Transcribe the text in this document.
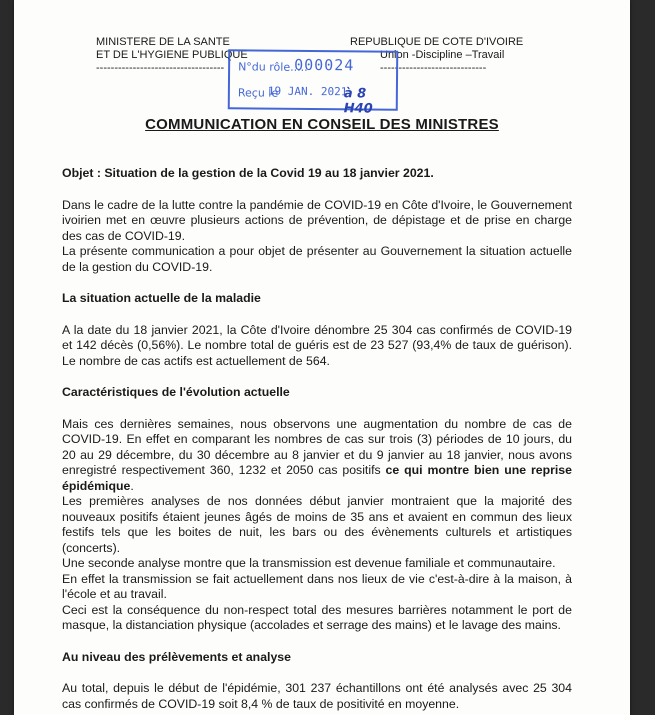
MINISTERE DE LA SANTE
ET DE L'HYGIENE PUBLIQUE
-----------------------------------
REPUBLIQUE DE COTE D'IVOIRE
Union -Discipline –Travail
-----------------------------
N°du rôle.....
000024
Reçu le
19 JAN. 2021
à 8 H40
COMMUNICATION EN CONSEIL DES MINISTRES

Objet : Situation de la gestion de la Covid 19 au 18 janvier 2021.

Dans le cadre de la lutte contre la pandémie de COVID-19 en Côte d'Ivoire, le Gouvernement ivoirien met en œuvre plusieurs actions de prévention, de dépistage et de prise en charge des cas de COVID-19.

La présente communication a pour objet de présenter au Gouvernement la situation actuelle de la gestion du COVID-19.

La situation actuelle de la maladie

A la date du 18 janvier 2021, la Côte d'Ivoire dénombre 25 304 cas confirmés de COVID-19 et 142 décès (0,56%). Le nombre total de guéris est de 23 527 (93,4% de taux de guérison). Le nombre de cas actifs est actuellement de 564.

Caractéristiques de l'évolution actuelle

Mais ces dernières semaines, nous observons une augmentation du nombre de cas de COVID-19. En effet en comparant les nombres de cas sur trois (3) périodes de 10 jours, du 20 au 29 décembre, du 30 décembre au 8 janvier et du 9 janvier au 18 janvier, nous avons enregistré respectivement 360, 1232 et 2050 cas positifs ce qui montre bien une reprise épidémique.

Les premières analyses de nos données début janvier montraient que la majorité des nouveaux positifs étaient jeunes âgés de moins de 35 ans et avaient en commun des lieux festifs tels que les boites de nuit, les bars ou des évènements culturels et artistiques (concerts).

Une seconde analyse montre que la transmission est devenue familiale et communautaire.

En effet la transmission se fait actuellement dans nos lieux de vie c'est-à-dire à la maison, à l'école et au travail.

Ceci est la conséquence du non-respect total des mesures barrières notamment le port de masque, la distanciation physique (accolades et serrage des mains) et le lavage des mains.

Au niveau des prélèvements et analyse

Au total, depuis le début de l'épidémie, 301 237 échantillons ont été analysés avec 25 304 cas confirmés de COVID-19 soit 8,4 % de taux de positivité en moyenne.
